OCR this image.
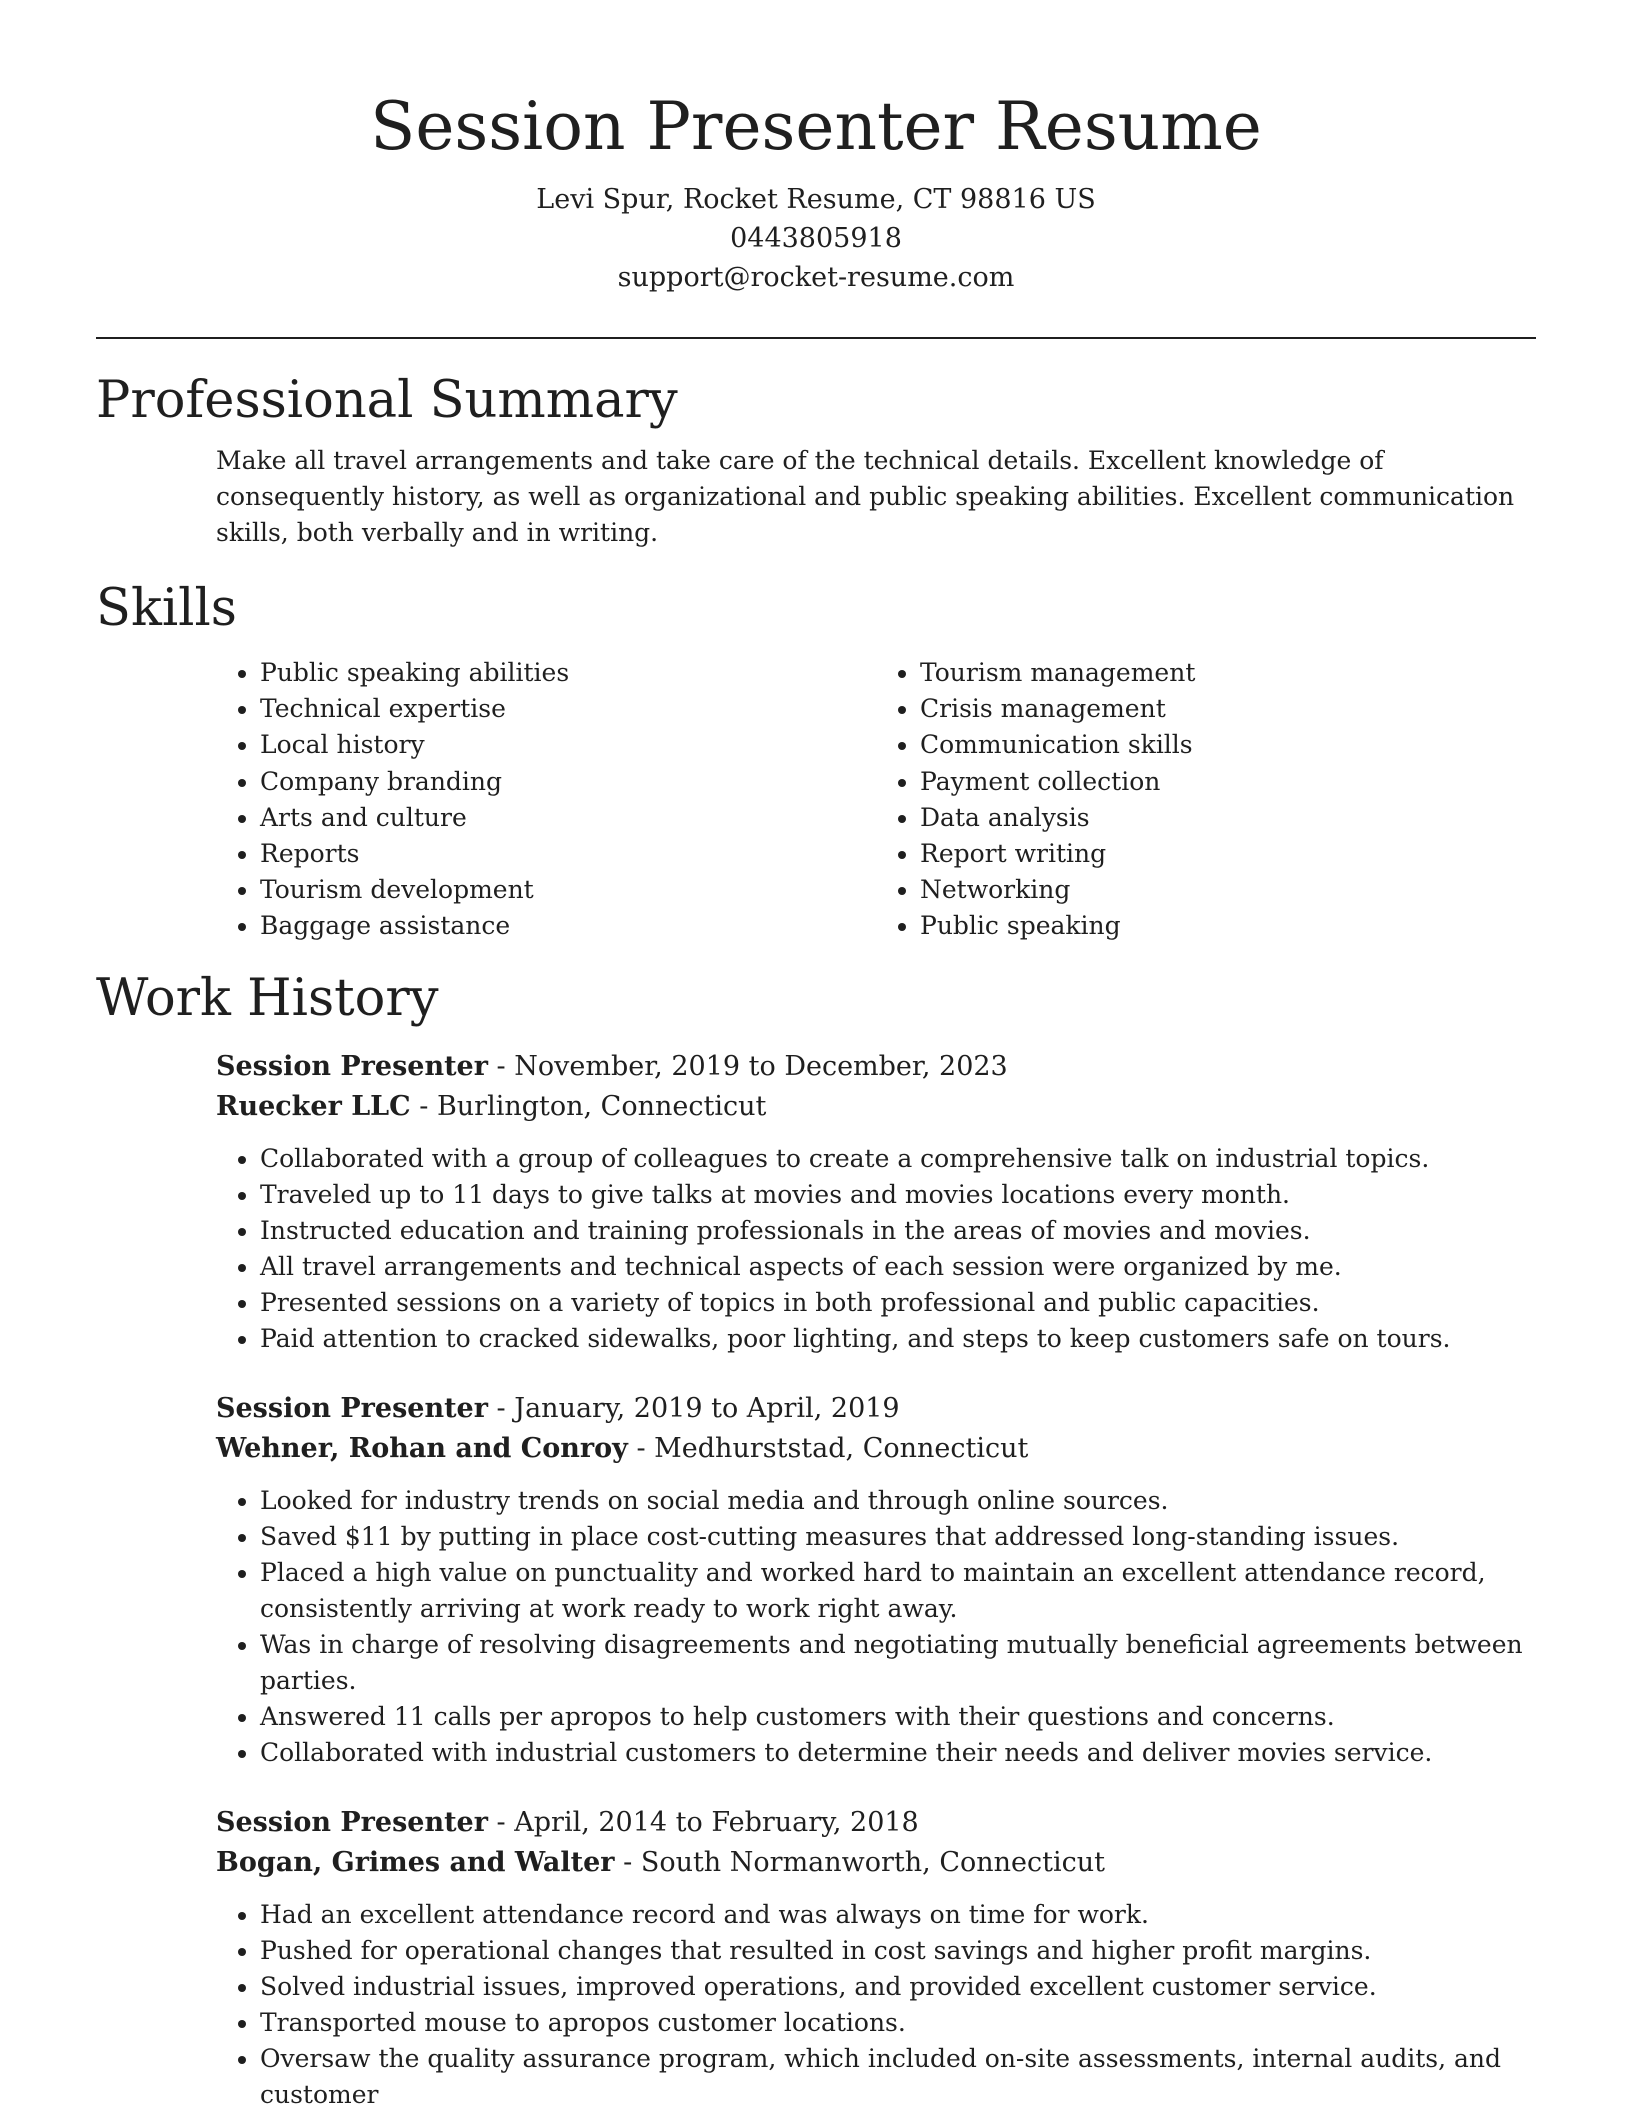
Session Presenter Resume

Levi Spur, Rocket Resume, CT 98816 US

0443805918

support@rocket-resume.com

Professional Summary

Make all travel arrangements and take care of the technical details. Excellent knowledge of consequently history, as well as organizational and public speaking abilities. Excellent communication skills, both verbally and in writing.

Skills
• Public speaking abilities
• Technical expertise
• Local history
• Company branding
• Arts and culture
• Reports
• Tourism development
• Baggage assistance
• Tourism management
• Crisis management
• Communication skills
• Payment collection
• Data analysis
• Report writing
• Networking
• Public speaking
Work History

Session Presenter - November, 2019 to December, 2023

Ruecker LLC - Burlington, Connecticut

• Collaborated with a group of colleagues to create a comprehensive talk on industrial topics.
• Traveled up to 11 days to give talks at movies and movies locations every month.
• Instructed education and training professionals in the areas of movies and movies.
• All travel arrangements and technical aspects of each session were organized by me.
• Presented sessions on a variety of topics in both professional and public capacities.
• Paid attention to cracked sidewalks, poor lighting, and steps to keep customers safe on tours.

Session Presenter - January, 2019 to April, 2019

Wehner, Rohan and Conroy - Medhurststad, Connecticut

• Looked for industry trends on social media and through online sources.
• Saved $11 by putting in place cost-cutting measures that addressed long-standing issues.
• Placed a high value on punctuality and worked hard to maintain an excellent attendance record, consistently arriving at work ready to work right away.
• Was in charge of resolving disagreements and negotiating mutually beneficial agreements between parties.
• Answered 11 calls per apropos to help customers with their questions and concerns.
• Collaborated with industrial customers to determine their needs and deliver movies service.

Session Presenter - April, 2014 to February, 2018

Bogan, Grimes and Walter - South Normanworth, Connecticut

• Had an excellent attendance record and was always on time for work.
• Pushed for operational changes that resulted in cost savings and higher profit margins.
• Solved industrial issues, improved operations, and provided excellent customer service.
• Transported mouse to apropos customer locations.
• Oversaw the quality assurance program, which included on-site assessments, internal audits, and customer
